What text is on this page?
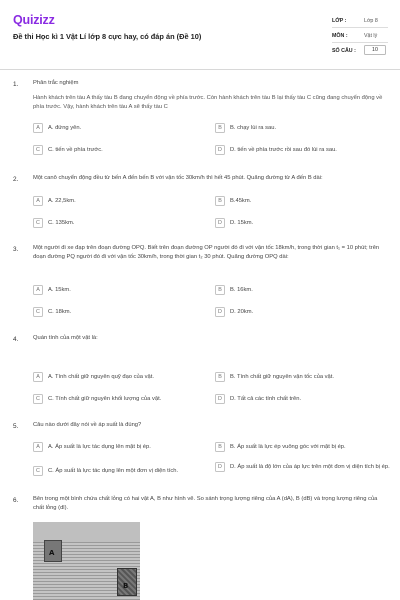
Quizizz
Đề thi Học kì 1 Vật Lí lớp 8 cực hay, có đáp án (Đề 10)
LỚP :	Lớp 8
MÔN :	Vật lý
SỐ CÂU :	10
1.	Phân trắc nghiệm
Hành khách trên tàu A thấy tàu B đang chuyển động về phía trước. Còn hành khách trên tàu B lại thấy tàu C cũng đang chuyển động về phía trước. Vậy, hành khách trên tàu A sẽ thấy tàu C
A	A. đứng yên.	B	B. chạy lùi ra sau.
C	C. tiến về phía trước.	D	D. tiến về phía trước rồi sau đó lùi ra sau.
2.	Một canô chuyển động đều từ bến A đến bến B với vận tốc 30km/h thì hết 45 phút. Quãng đường từ A đến B dài:
A	A. 22,5km.	B	B.45km.
C	C. 135km.	D	D. 15km.
3.	Một người đi xe đạp trên đoạn đường OPQ. Biết trên đoạn đường OP người đó đi với vận tốc 18km/h, trong thời gian t₁ = 10 phút; trên đoạn đường PQ người đó đi với vận tốc 30km/h, trong thời gian t₂ 30 phút. Quãng đường OPQ dài:
A	A. 15km.	B	B. 16km.
C	C. 18km.	D	D. 20km.
4.	Quán tính của một vật là:
A	A. Tính chất giữ nguyên quỹ đạo của vật.	B	B. Tính chất giữ nguyên vận tốc của vật.
C	C. Tính chất giữ nguyên khối lượng của vật.	D	D. Tất cả các tính chất trên.
5.	Câu nào dưới đây nói về áp suất là đúng?
A	A. Áp suất là lực tác dụng lên mặt bị ép.	B	B. Áp suất là lực ép vuông góc với mặt bị ép.
C	C. Áp suất là lực tác dụng lên một đơn vị diện tích.
D	D. Áp suất là độ lớn của áp lực trên một đơn vị diện tích bị ép.
6.	Bên trong một bình chứa chất lỏng có hai vật A, B như hình vẽ. So sánh trọng lượng riêng của A (dA), B (dB) và trọng lượng riêng của chất lỏng (dl).
A
B
